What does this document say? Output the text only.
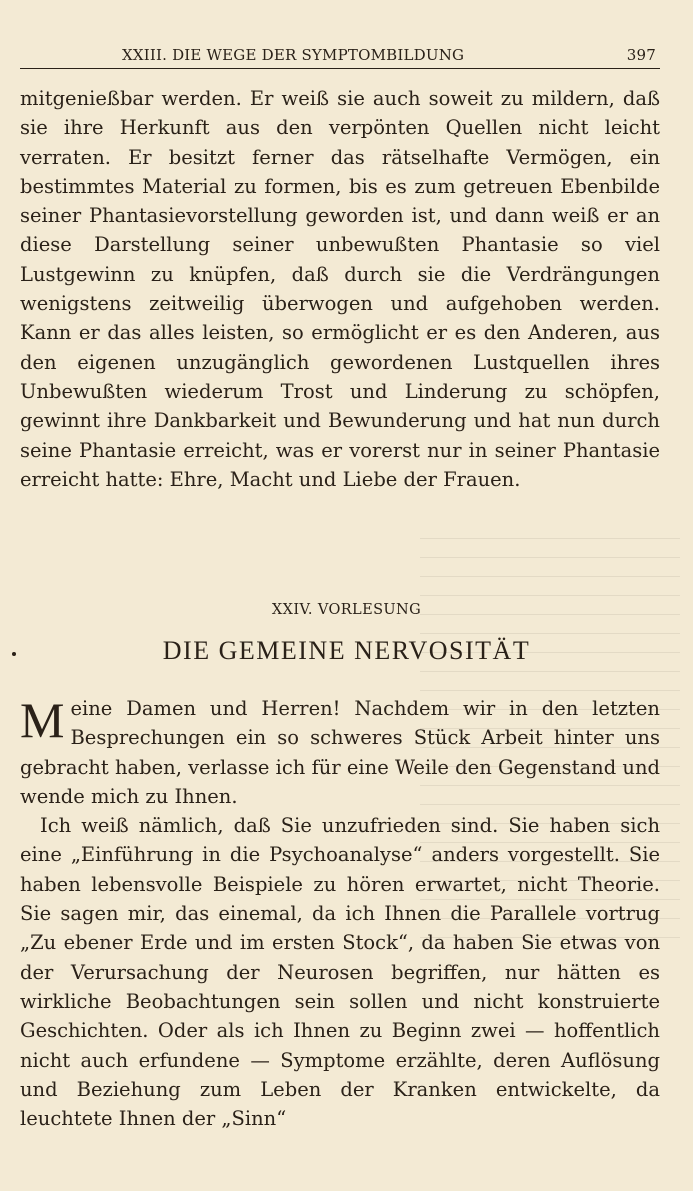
XXIII. DIE WEGE DER SYMPTOMBILDUNG	397

mitgenießbar werden. Er weiß sie auch soweit zu mildern, daß sie ihre Herkunft aus den verpönten Quellen nicht leicht verraten. Er besitzt ferner das rätselhafte Vermögen, ein bestimmtes Material zu formen, bis es zum getreuen Ebenbilde seiner Phantasievorstellung geworden ist, und dann weiß er an diese Darstellung seiner unbewußten Phantasie so viel Lustgewinn zu knüpfen, daß durch sie die Verdrängungen wenigstens zeitweilig überwogen und aufgehoben werden. Kann er das alles leisten, so ermöglicht er es den Anderen, aus den eigenen unzugänglich gewordenen Lustquellen ihres Unbewußten wiederum Trost und Linderung zu schöpfen, gewinnt ihre Dankbarkeit und Bewunderung und hat nun durch seine Phantasie erreicht, was er vorerst nur in seiner Phantasie erreicht hatte: Ehre, Macht und Liebe der Frauen.

XXIV. VORLESUNG
DIE GEMEINE NERVOSITÄT

Meine Damen und Herren! Nachdem wir in den letzten Besprechungen ein so schweres Stück Arbeit hinter uns gebracht haben, verlasse ich für eine Weile den Gegenstand und wende mich zu Ihnen.

Ich weiß nämlich, daß Sie unzufrieden sind. Sie haben sich eine „Einführung in die Psychoanalyse“ anders vorgestellt. Sie haben lebensvolle Beispiele zu hören erwartet, nicht Theorie. Sie sagen mir, das einemal, da ich Ihnen die Parallele vortrug „Zu ebener Erde und im ersten Stock“, da haben Sie etwas von der Verursachung der Neurosen begriffen, nur hätten es wirkliche Beobachtungen sein sollen und nicht konstruierte Geschichten. Oder als ich Ihnen zu Beginn zwei — hoffentlich nicht auch erfundene — Symptome erzählte, deren Auflösung und Beziehung zum Leben der Kranken entwickelte, da leuchtete Ihnen der „Sinn“
